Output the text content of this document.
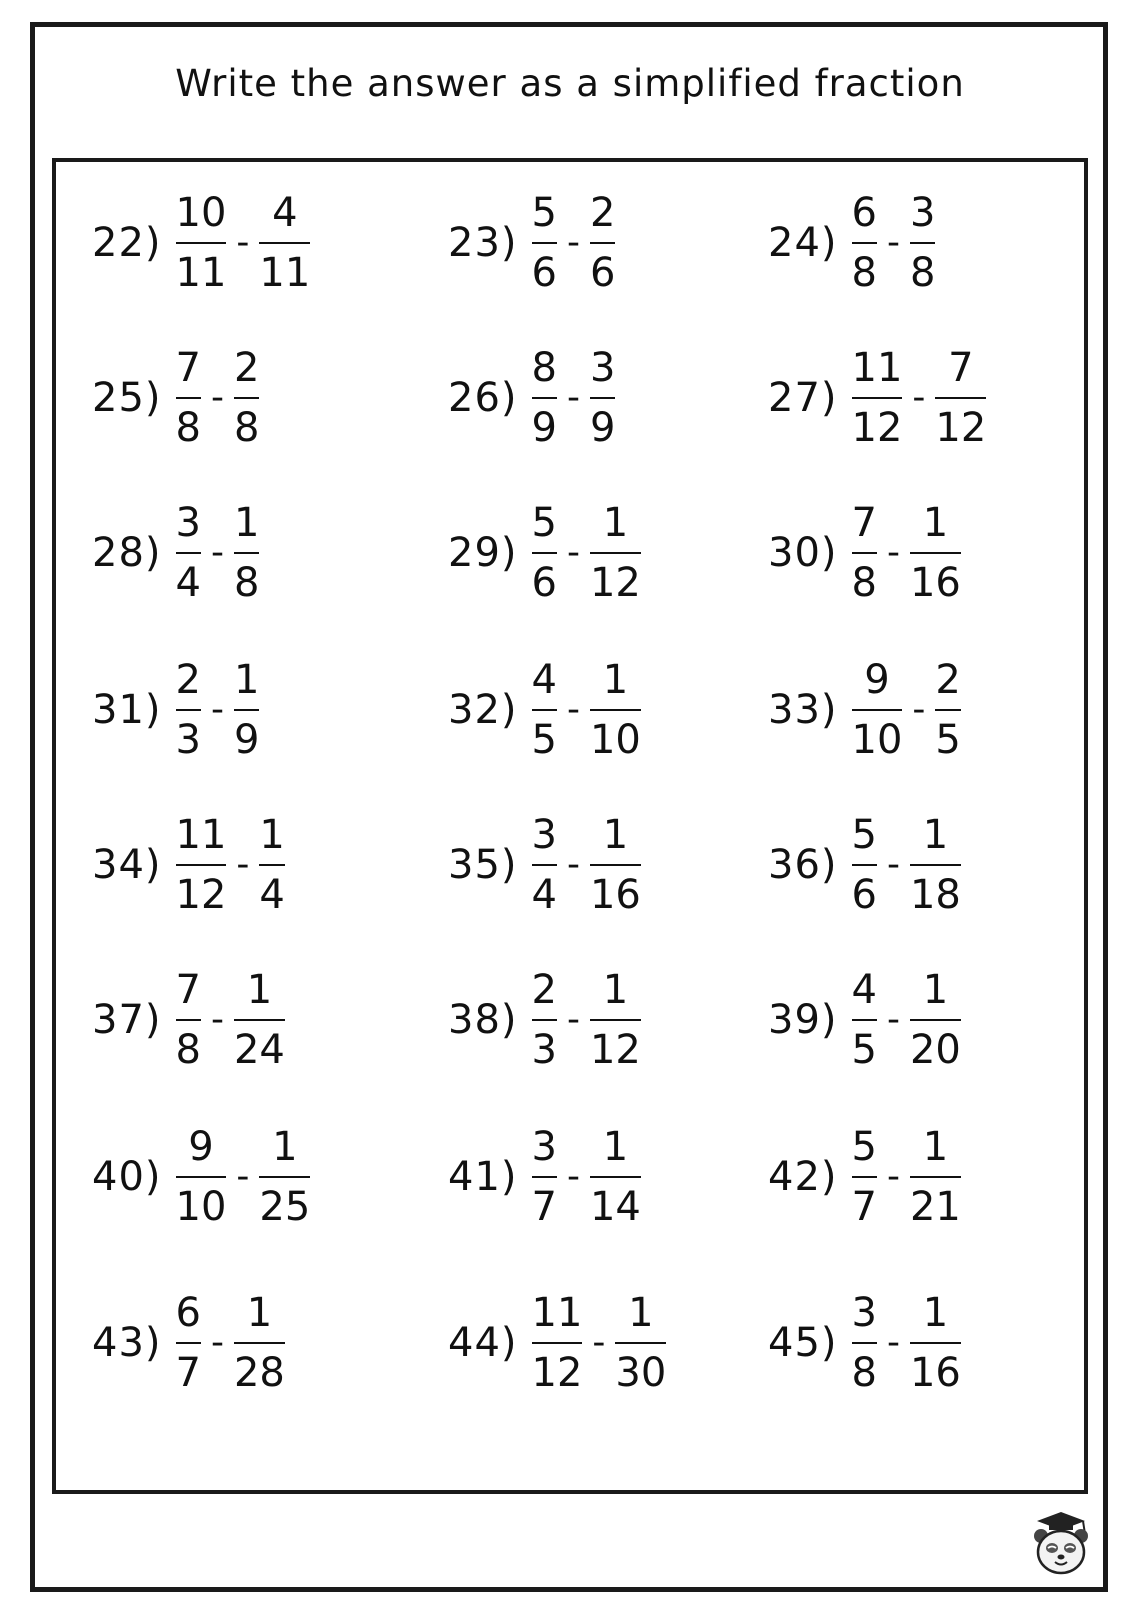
Write the answer as a simplified fraction
$22) \frac{10}{11} - \frac{4}{11}$	$23) \frac{5}{6} - \frac{2}{6}$	$24) \frac{6}{8} - \frac{3}{8}$
$25) \frac{7}{8} - \frac{2}{8}$	$26) \frac{8}{9} - \frac{3}{9}$	$27) \frac{11}{12} - \frac{7}{12}$
$28) \frac{3}{4} - \frac{1}{8}$	$29) \frac{5}{6} - \frac{1}{12}$	$30) \frac{7}{8} - \frac{1}{16}$
$31) \frac{2}{3} - \frac{1}{9}$	$32) \frac{4}{5} - \frac{1}{10}$	$33) \frac{9}{10} - \frac{2}{5}$
$34) \frac{11}{12} - \frac{1}{4}$	$35) \frac{3}{4} - \frac{1}{16}$	$36) \frac{5}{6} - \frac{1}{18}$
$37) \frac{7}{8} - \frac{1}{24}$	$38) \frac{2}{3} - \frac{1}{12}$	$39) \frac{4}{5} - \frac{1}{20}$
$40) \frac{9}{10} - \frac{1}{25}$	$41) \frac{3}{7} - \frac{1}{14}$	$42) \frac{5}{7} - \frac{1}{21}$
$43) \frac{6}{7} - \frac{1}{28}$	$44) \frac{11}{12} - \frac{1}{30} 45) \frac{3}{8} - \frac{1}{16}$
